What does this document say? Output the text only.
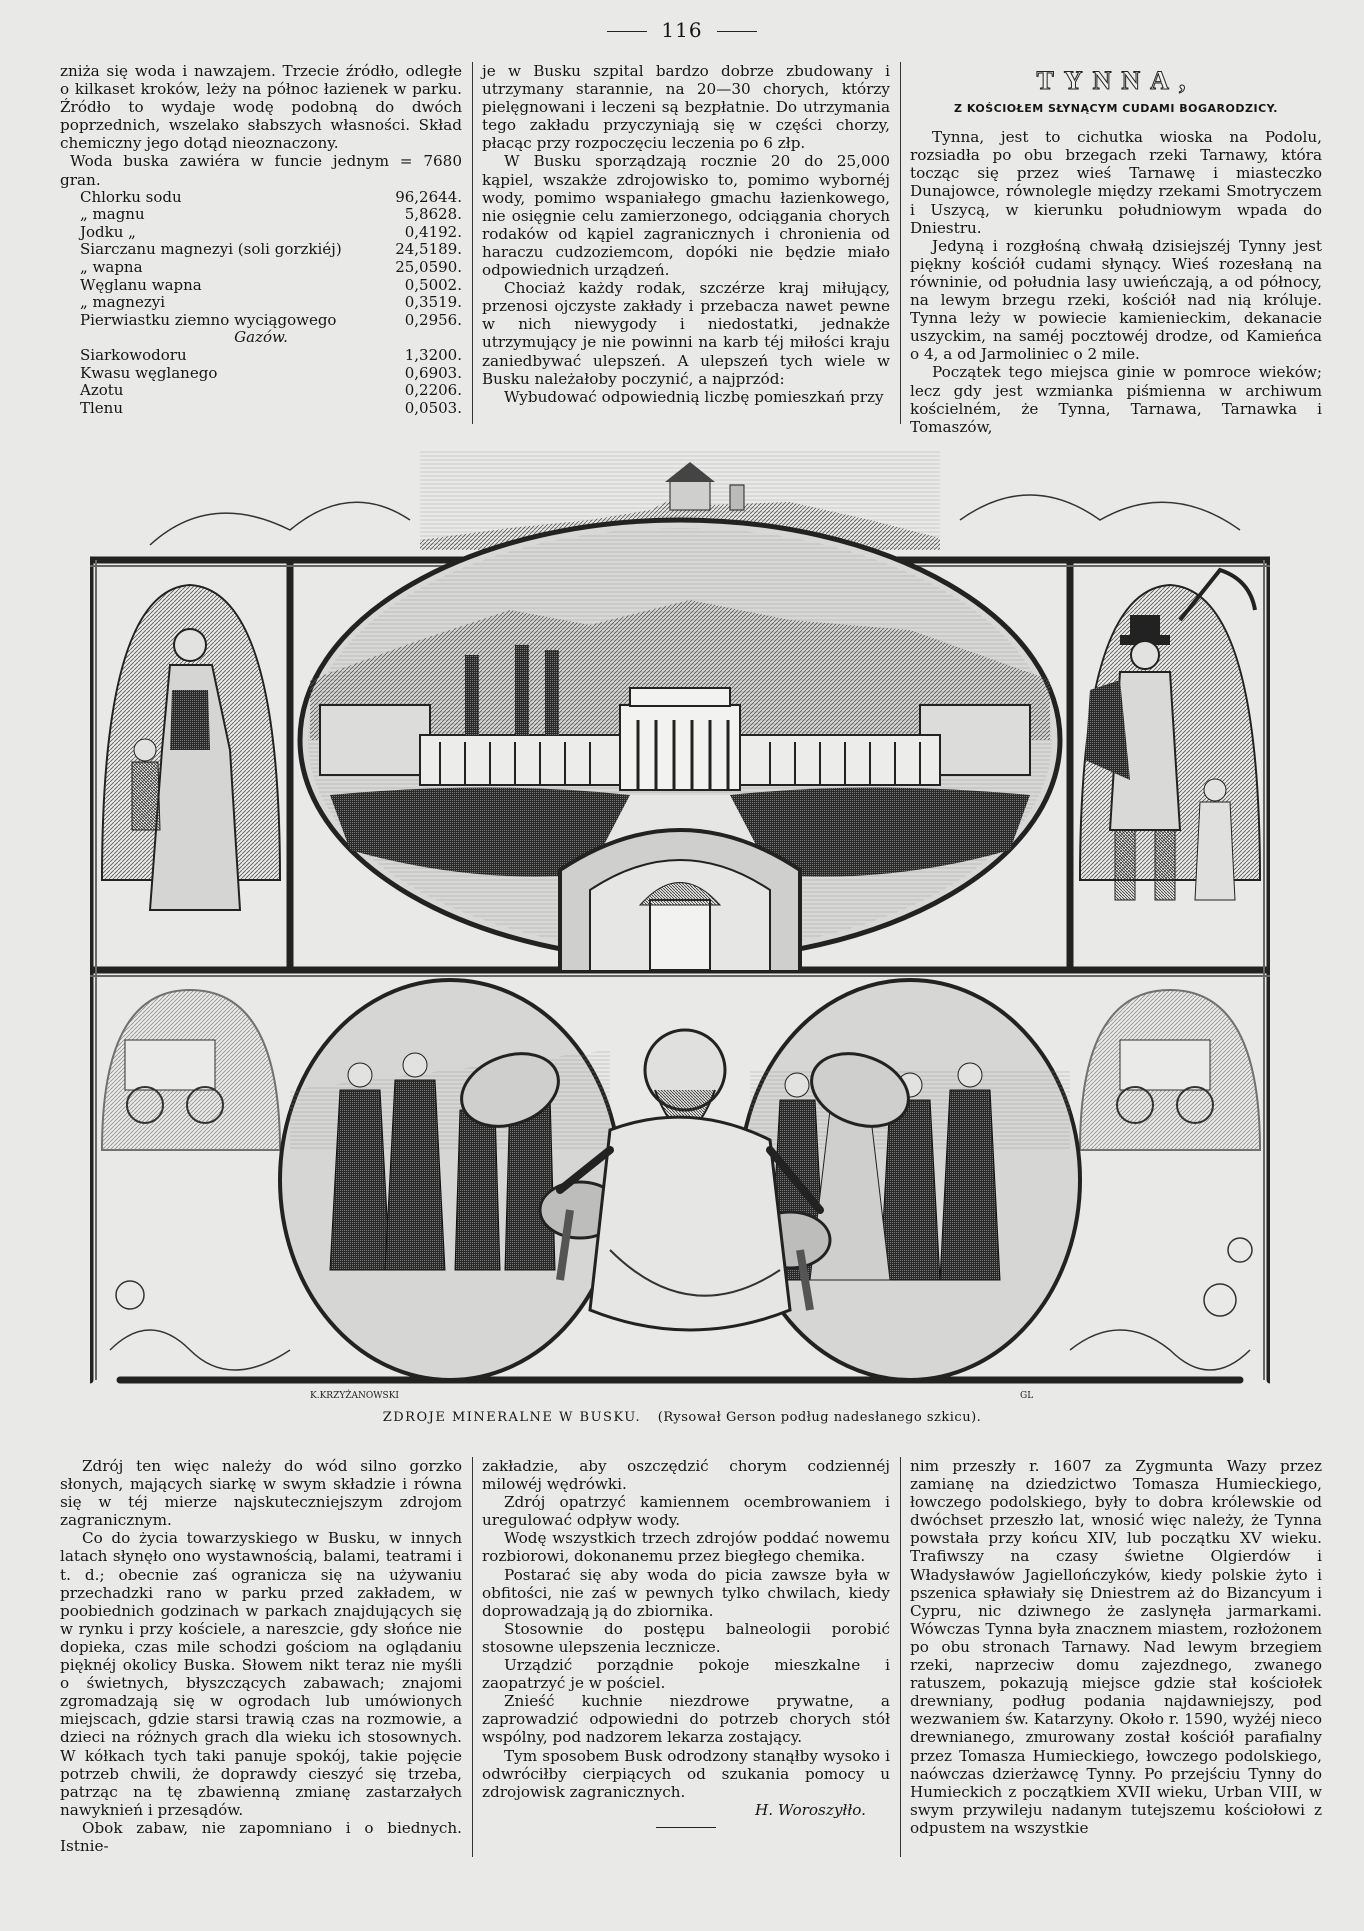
116

zniża się woda i nawzajem. Trzecie źródło, odległe o kilkaset kroków, leży na północ łazienek w parku. Źródło to wydaje wodę podobną do dwóch poprzednich, wszelako słabszych własności. Skład chemiczny jego dotąd nieoznaczony.

Woda buska zawiéra w funcie jednym = 7680 gran.

Chlorku sodu	96,2644.
„ magnu	5,8628.
Jodku „	0,4192.
Siarczanu magnezyi (soli gorzkiéj)	24,5189.
„ wapna	25,0590.
Węglanu wapna	0,5002.
„ magnezyi	0,3519.
Pierwiastku ziemno wyciągowego	0,2956.
Gazów.	
Siarkowodoru	1,3200.
Kwasu węglanego	0,6903.
Azotu	0,2206.
Tlenu	0,0503.

je w Busku szpital bardzo dobrze zbudowany i utrzymany starannie, na 20—30 chorych, którzy pielęgnowani i leczeni są bezpłatnie. Do utrzymania tego zakładu przyczyniają się w części chorzy, płacąc przy rozpoczęciu leczenia po 6 złp.

W Busku sporządzają rocznie 20 do 25,000 kąpiel, wszakże zdrojowisko to, pomimo wybornéj wody, pomimo wspaniałego gmachu łazienkowego, nie osięgnie celu zamierzonego, odciągania chorych rodaków od kąpiel zagranicznych i chronienia od haraczu cudzoziemcom, dopóki nie będzie miało odpowiednich urządzeń.

Chociaż każdy rodak, szczérze kraj miłujący, przenosi ojczyste zakłady i przebacza nawet pewne w nich niewygody i niedostatki, jednakże utrzymujący je nie powinni na karb téj miłości kraju zaniedbywać ulepszeń. A ulepszeń tych wiele w Busku należałoby poczynić, a najprzód:

Wybudować odpowiednią liczbę pomieszkań przy

TYNNA,
Z KOŚCIOŁEM SŁYNĄCYM CUDAMI BOGARODZICY.

Tynna, jest to cichutka wioska na Podolu, rozsiadła po obu brzegach rzeki Tarnawy, która tocząc się przez wieś Tarnawę i miasteczko Dunajowce, równolegle między rzekami Smotryczem i Uszycą, w kierunku południowym wpada do Dniestru.

Jedyną i rozgłośną chwałą dzisiejszéj Tynny jest piękny kościół cudami słynący. Wieś rozesłaną na równinie, od południa lasy uwieńczają, a od północy, na lewym brzegu rzeki, kościół nad nią króluje. Tynna leży w powiecie kamienieckim, dekanacie uszyckim, na saméj pocztowéj drodze, od Kamieńca o 4, a od Jarmoliniec o 2 mile.

Początek tego miejsca ginie w pomroce wieków; lecz gdy jest wzmianka piśmienna w archiwum kościelném, że Tynna, Tarnawa, Tarnawka i Tomaszów,

K.KRZYŻANOWSKI	GL
ZDROJE MINERALNE W BUSKU. (Rysował Gerson podług nadesłanego szkicu).

Zdrój ten więc należy do wód silno gorzko słonych, mających siarkę w swym składzie i równa się w téj mierze najskuteczniejszym zdrojom zagranicznym.

Co do życia towarzyskiego w Busku, w innych latach słynęło ono wystawnością, balami, teatrami i t. d.; obecnie zaś ogranicza się na używaniu przechadzki rano w parku przed zakładem, w poobiednich godzinach w parkach znajdujących się w rynku i przy kościele, a nareszcie, gdy słońce nie dopieka, czas mile schodzi gościom na oglądaniu pięknéj okolicy Buska. Słowem nikt teraz nie myśli o świetnych, błyszczących zabawach; znajomi zgromadzają się w ogrodach lub umówionych miejscach, gdzie starsi trawią czas na rozmowie, a dzieci na różnych grach dla wieku ich stosownych. W kółkach tych taki panuje spokój, takie pojęcie potrzeb chwili, że doprawdy cieszyć się trzeba, patrząc na tę zbawienną zmianę zastarzałych nawyknień i przesądów.

Obok zabaw, nie zapomniano i o biednych. Istnie-

zakładzie, aby oszczędzić chorym codziennéj milowéj wędrówki.

Zdrój opatrzyć kamiennem ocembrowaniem i uregulować odpływ wody.

Wodę wszystkich trzech zdrojów poddać nowemu rozbiorowi, dokonanemu przez biegłego chemika.

Postarać się aby woda do picia zawsze była w obfitości, nie zaś w pewnych tylko chwilach, kiedy doprowadzają ją do zbiornika.

Stosownie do postępu balneologii porobić stosowne ulepszenia lecznicze.

Urządzić porządnie pokoje mieszkalne i zaopatrzyć je w pościel.

Znieść kuchnie niezdrowe prywatne, a zaprowadzić odpowiedni do potrzeb chorych stół wspólny, pod nadzorem lekarza zostający.

Tym sposobem Busk odrodzony stanąłby wysoko i odwróciłby cierpiących od szukania pomocy u zdrojowisk zagranicznych.

H. Woroszyłło.

nim przeszły r. 1607 za Zygmunta Wazy przez zamianę na dziedzictwo Tomasza Humieckiego, łowczego podolskiego, były to dobra królewskie od dwóchset przeszło lat, wnosić więc należy, że Tynna powstała przy końcu XIV, lub początku XV wieku. Trafiwszy na czasy świetne Olgierdów i Władysławów Jagiellończyków, kiedy polskie żyto i pszenica spławiały się Dniestrem aż do Bizancyum i Cypru, nic dziwnego że zaslynęła jarmarkami. Wówczas Tynna była znacznem miastem, rozłożonem po obu stronach Tarnawy. Nad lewym brzegiem rzeki, naprzeciw domu zajezdnego, zwanego ratuszem, pokazują miejsce gdzie stał kościołek drewniany, podług podania najdawniejszy, pod wezwaniem św. Katarzyny. Około r. 1590, wyżéj nieco drewnianego, zmurowany został kościół parafialny przez Tomasza Humieckiego, łowczego podolskiego, naówczas dzierżawcę Tynny. Po przejściu Tynny do Humieckich z początkiem XVII wieku, Urban VIII, w swym przywileju nadanym tutejszemu kościołowi z odpustem na wszystkie
